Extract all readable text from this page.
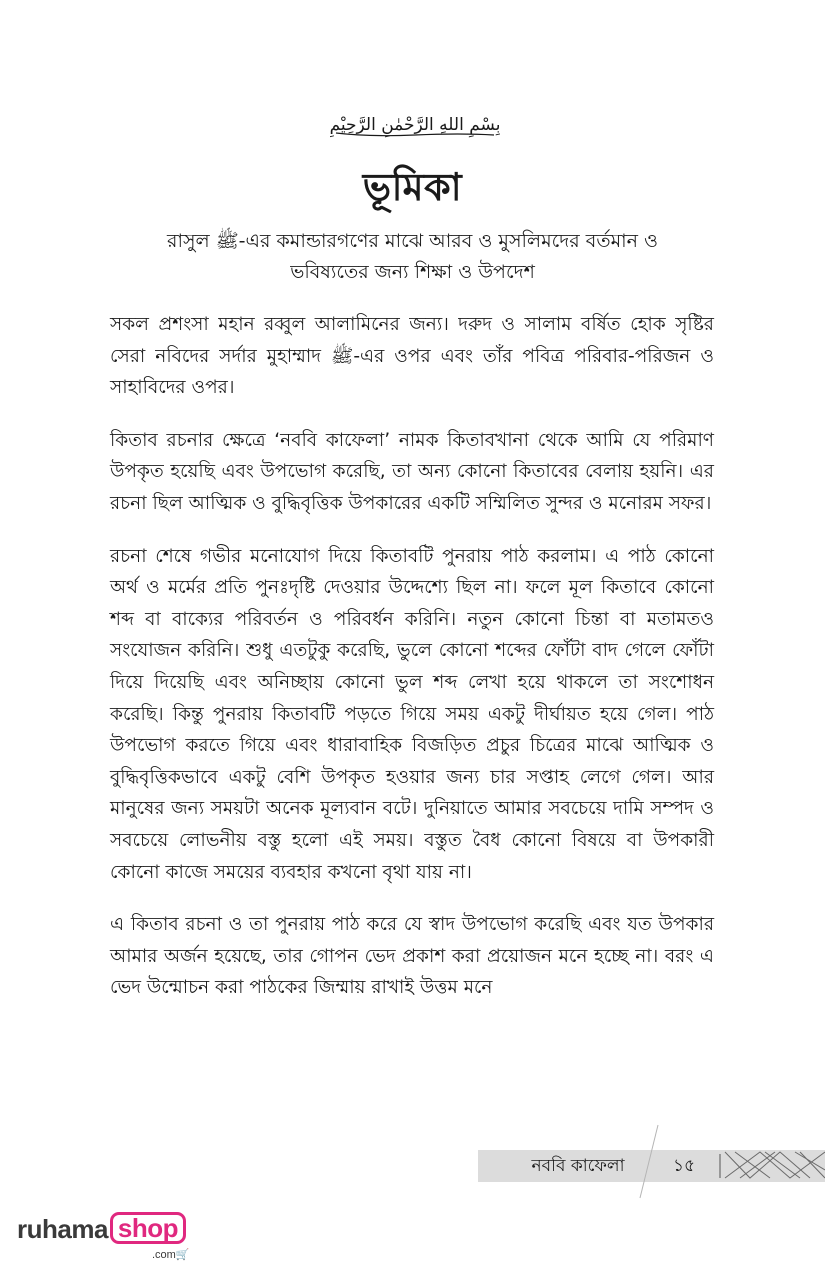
بِسْمِ اللهِ الرَّحْمٰنِ الرَّحِيْمِ
ভূমিকা
রাসুল ﷺ-এর কমান্ডারগণের মাঝে আরব ও মুসলিমদের বর্তমান ও
ভবিষ্যতের জন্য শিক্ষা ও উপদেশ

সকল প্রশংসা মহান রব্বুল আলামিনের জন্য। দরুদ ও সালাম বর্ষিত হোক সৃষ্টির সেরা নবিদের সর্দার মুহাম্মাদ ﷺ-এর ওপর এবং তাঁর পবিত্র পরিবার-পরিজন ও সাহাবিদের ওপর।

কিতাব রচনার ক্ষেত্রে ‘নববি কাফেলা’ নামক কিতাবখানা থেকে আমি যে পরিমাণ উপকৃত হয়েছি এবং উপভোগ করেছি, তা অন্য কোনো কিতাবের বেলায় হয়নি। এর রচনা ছিল আত্মিক ও বুদ্ধিবৃত্তিক উপকারের একটি সম্মিলিত সুন্দর ও মনোরম সফর।

রচনা শেষে গভীর মনোযোগ দিয়ে কিতাবটি পুনরায় পাঠ করলাম। এ পাঠ কোনো অর্থ ও মর্মের প্রতি পুনঃদৃষ্টি দেওয়ার উদ্দেশ্যে ছিল না। ফলে মূল কিতাবে কোনো শব্দ বা বাক্যের পরিবর্তন ও পরিবর্ধন করিনি। নতুন কোনো চিন্তা বা মতামতও সংযোজন করিনি। শুধু এতটুকু করেছি, ভুলে কোনো শব্দের ফোঁটা বাদ গেলে ফোঁটা দিয়ে দিয়েছি এবং অনিচ্ছায় কোনো ভুল শব্দ লেখা হয়ে থাকলে তা সংশোধন করেছি। কিন্তু পুনরায় কিতাবটি পড়তে গিয়ে সময় একটু দীর্ঘায়ত হয়ে গেল। পাঠ উপভোগ করতে গিয়ে এবং ধারাবাহিক বিজড়িত প্রচুর চিত্রের মাঝে আত্মিক ও বুদ্ধিবৃত্তিকভাবে একটু বেশি উপকৃত হওয়ার জন্য চার সপ্তাহ লেগে গেল। আর মানুষের জন্য সময়টা অনেক মূল্যবান বটে। দুনিয়াতে আমার সবচেয়ে দামি সম্পদ ও সবচেয়ে লোভনীয় বস্তু হলো এই সময়। বস্তুত বৈধ কোনো বিষয়ে বা উপকারী কোনো কাজে সময়ের ব্যবহার কখনো বৃথা যায় না।

এ কিতাব রচনা ও তা পুনরায় পাঠ করে যে স্বাদ উপভোগ করেছি এবং যত উপকার আমার অর্জন হয়েছে, তার গোপন ভেদ প্রকাশ করা প্রয়োজন মনে হচ্ছে না। বরং এ ভেদ উন্মোচন করা পাঠকের জিম্মায় রাখাই উত্তম মনে

নববি কাফেলা	১৫
ruhama shop
.com🛒
